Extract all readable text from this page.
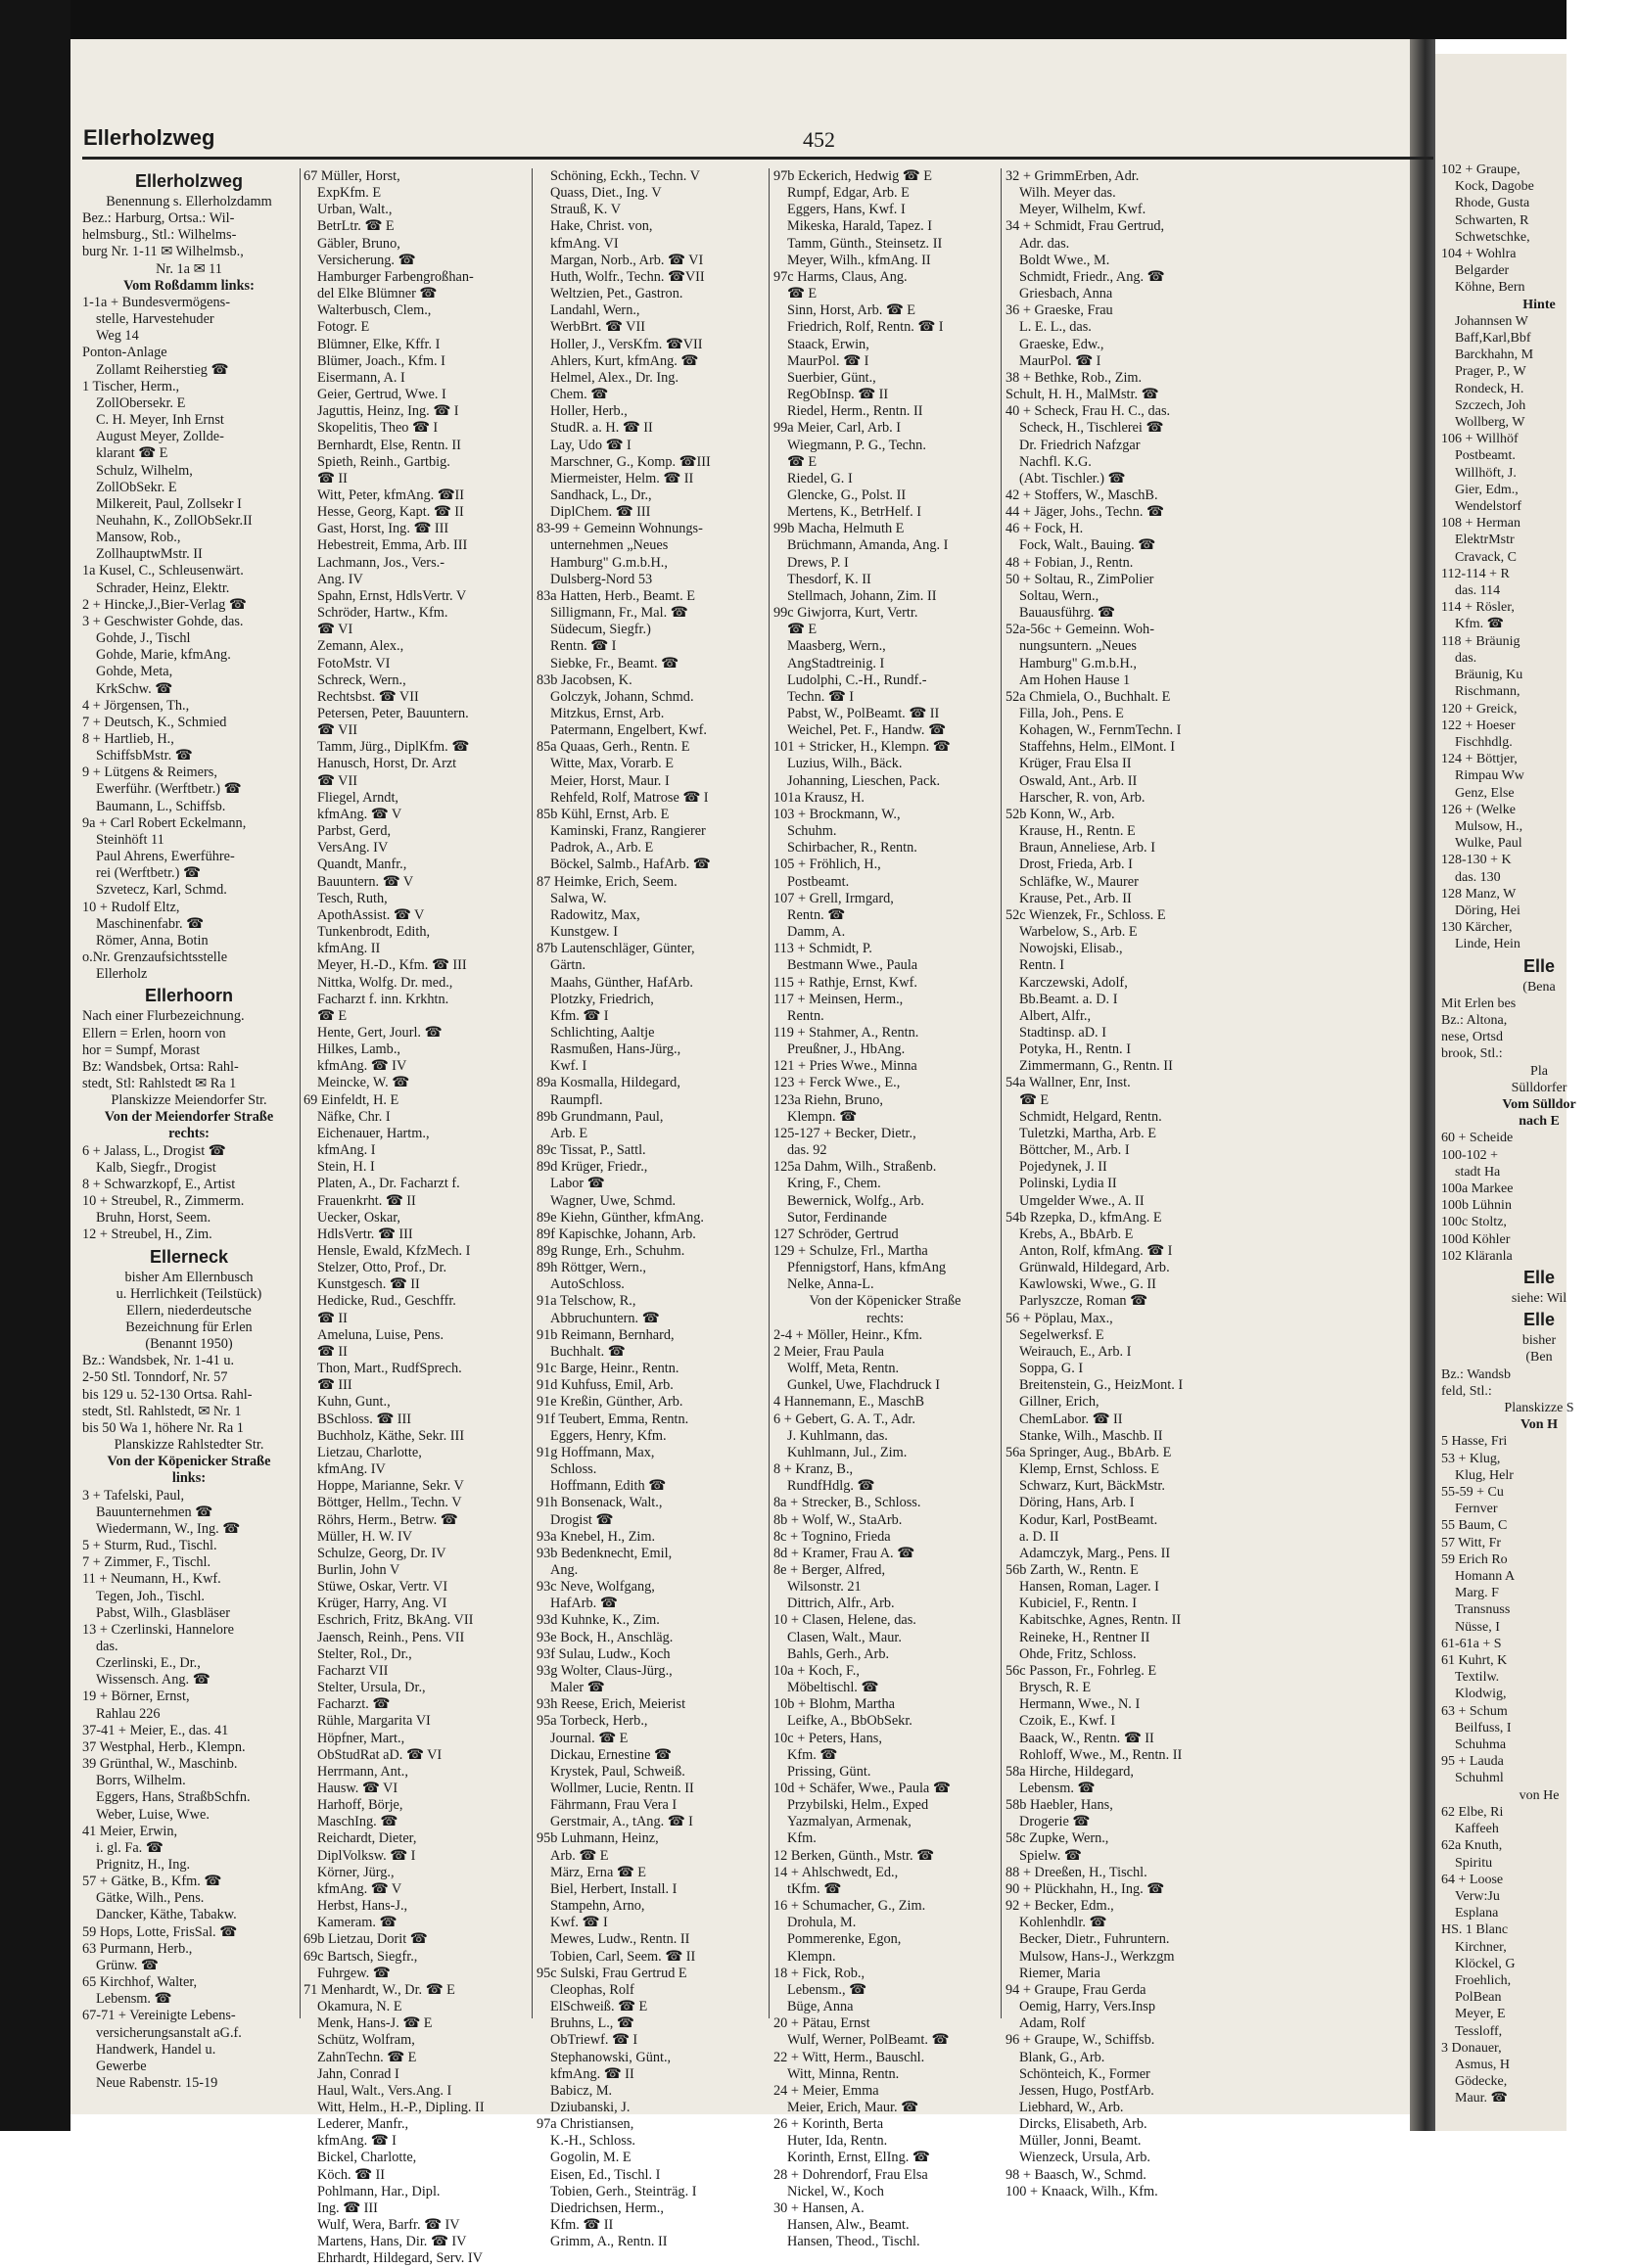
Ellerholzweg	452
Ellerholzweg
Benennung s. Ellerholzdamm
Bez.: Harburg, Ortsa.: Wil-
helmsburg., Stl.: Wilhelms-
burg Nr. 1-11 ✉ Wilhelmsb.,
Nr. 1a ✉ 11
Vom Roßdamm links:
1-1a + Bundesvermögens-
stelle, Harvestehuder
Weg 14
Ponton-Anlage
Zollamt Reiherstieg ☎
1 Tischer, Herm.,
ZollObersekr. E
C. H. Meyer, Inh Ernst
August Meyer, Zollde-
klarant ☎ E
Schulz, Wilhelm,
ZollObSekr. E
Milkereit, Paul, Zollsekr I
Neuhahn, K., ZollObSekr.II
Mansow, Rob.,
ZollhauptwMstr. II
1a Kusel, C., Schleusenwärt.
Schrader, Heinz, Elektr.
2 + Hincke,J.,Bier-Verlag ☎
3 + Geschwister Gohde, das.
Gohde, J., Tischl
Gohde, Marie, kfmAng.
Gohde, Meta,
KrkSchw. ☎
4 + Jörgensen, Th.,
7 + Deutsch, K., Schmied
8 + Hartlieb, H.,
SchiffsbMstr. ☎
9 + Lütgens & Reimers,
Ewerführ. (Werftbetr.) ☎
Baumann, L., Schiffsb.
9a + Carl Robert Eckelmann,
Steinhöft 11
Paul Ahrens, Ewerführe-
rei (Werftbetr.) ☎
Szvetecz, Karl, Schmd.
10 + Rudolf Eltz,
Maschinenfabr. ☎
Römer, Anna, Botin
o.Nr. Grenzaufsichtsstelle
Ellerholz
Ellerhoorn
Nach einer Flurbezeichnung.
Ellern = Erlen, hoorn von
hor = Sumpf, Morast
Bz: Wandsbek, Ortsa: Rahl-
stedt, Stl: Rahlstedt ✉ Ra 1
Planskizze Meiendorfer Str.
Von der Meiendorfer Straße
rechts:
6 + Jalass, L., Drogist ☎
Kalb, Siegfr., Drogist
8 + Schwarzkopf, E., Artist
10 + Streubel, R., Zimmerm.
Bruhn, Horst, Seem.
12 + Streubel, H., Zim.
Ellerneck
bisher Am Ellernbusch
u. Herrlichkeit (Teilstück)
Ellern, niederdeutsche
Bezeichnung für Erlen
(Benannt 1950)
Bz.: Wandsbek, Nr. 1-41 u.
2-50 Stl. Tonndorf, Nr. 57
bis 129 u. 52-130 Ortsa. Rahl-
stedt, Stl. Rahlstedt, ✉ Nr. 1
bis 50 Wa 1, höhere Nr. Ra 1
Planskizze Rahlstedter Str.
Von der Köpenicker Straße
links:
3 + Tafelski, Paul,
Bauunternehmen ☎
Wiedermann, W., Ing. ☎
5 + Sturm, Rud., Tischl.
7 + Zimmer, F., Tischl.
11 + Neumann, H., Kwf.
Tegen, Joh., Tischl.
Pabst, Wilh., Glasbläser
13 + Czerlinski, Hannelore
das.
Czerlinski, E., Dr.,
Wissensch. Ang. ☎
19 + Börner, Ernst,
Rahlau 226
37-41 + Meier, E., das. 41
37 Westphal, Herb., Klempn.
39 Grünthal, W., Maschinb.
Borrs, Wilhelm.
Eggers, Hans, StraßbSchfn.
Weber, Luise, Wwe.
41 Meier, Erwin,
i. gl. Fa. ☎
Prignitz, H., Ing.
57 + Gätke, B., Kfm. ☎
Gätke, Wilh., Pens.
Dancker, Käthe, Tabakw.
59 Hops, Lotte, FrisSal. ☎
63 Purmann, Herb.,
Grünw. ☎
65 Kirchhof, Walter,
Lebensm. ☎
67-71 + Vereinigte Lebens-
versicherungsanstalt aG.f.
Handwerk, Handel u.
Gewerbe
Neue Rabenstr. 15-19
67 Müller, Horst,
ExpKfm. E
Urban, Walt.,
BetrLtr. ☎ E
Gäbler, Bruno,
Versicherung. ☎
Hamburger Farbengroßhan-
del Elke Blümner ☎
Walterbusch, Clem.,
Fotogr. E
Blümner, Elke, Kffr. I
Blümer, Joach., Kfm. I
Eisermann, A. I
Geier, Gertrud, Wwe. I
Jaguttis, Heinz, Ing. ☎ I
Skopelitis, Theo ☎ I
Bernhardt, Else, Rentn. II
Spieth, Reinh., Gartbig.
☎ II
Witt, Peter, kfmAng. ☎II
Hesse, Georg, Kapt. ☎ II
Gast, Horst, Ing. ☎ III
Hebestreit, Emma, Arb. III
Lachmann, Jos., Vers.-
Ang. IV
Spahn, Ernst, HdlsVertr. V
Schröder, Hartw., Kfm.
☎ VI
Zemann, Alex.,
FotoMstr. VI
Schreck, Wern.,
Rechtsbst. ☎ VII
Petersen, Peter, Bauuntern.
☎ VII
Tamm, Jürg., DiplKfm. ☎
Hanusch, Horst, Dr. Arzt
☎ VII
Fliegel, Arndt,
kfmAng. ☎ V
Parbst, Gerd,
VersAng. IV
Quandt, Manfr.,
Bauuntern. ☎ V
Tesch, Ruth,
ApothAssist. ☎ V
Tunkenbrodt, Edith,
kfmAng. II
Meyer, H.-D., Kfm. ☎ III
Nittka, Wolfg. Dr. med.,
Facharzt f. inn. Krkhtn.
☎ E
Hente, Gert, Jourl. ☎
Hilkes, Lamb.,
kfmAng. ☎ IV
Meincke, W. ☎
69 Einfeldt, H. E
Näfke, Chr. I
Eichenauer, Hartm.,
kfmAng. I
Stein, H. I
Platen, A., Dr. Facharzt f.
Frauenkrht. ☎ II
Uecker, Oskar,
HdlsVertr. ☎ III
Hensle, Ewald, KfzMech. I
Stelzer, Otto, Prof., Dr.
Kunstgesch. ☎ II
Hedicke, Rud., Geschffr.
☎ II
Ameluna, Luise, Pens.
☎ II
Thon, Mart., RudfSprech.
☎ III
Kuhn, Gunt.,
BSchloss. ☎ III
Buchholz, Käthe, Sekr. III
Lietzau, Charlotte,
kfmAng. IV
Hoppe, Marianne, Sekr. V
Böttger, Hellm., Techn. V
Röhrs, Herm., Betrw. ☎
Müller, H. W. IV
Schulze, Georg, Dr. IV
Burlin, John V
Stüwe, Oskar, Vertr. VI
Krüger, Harry, Ang. VI
Eschrich, Fritz, BkAng. VII
Jaensch, Reinh., Pens. VII
Stelter, Rol., Dr.,
Facharzt VII
Stelter, Ursula, Dr.,
Facharzt. ☎
Rühle, Margarita VI
Höpfner, Mart.,
ObStudRat aD. ☎ VI
Herrmann, Ant.,
Hausw. ☎ VI
Harhoff, Börje,
MaschIng. ☎
Reichardt, Dieter,
DiplVolksw. ☎ I
Körner, Jürg.,
kfmAng. ☎ V
Herbst, Hans-J.,
Kameram. ☎
69b Lietzau, Dorit ☎
69c Bartsch, Siegfr.,
Fuhrgew. ☎
71 Menhardt, W., Dr. ☎ E
Okamura, N. E
Menk, Hans-J. ☎ E
Schütz, Wolfram,
ZahnTechn. ☎ E
Jahn, Conrad I
Haul, Walt., Vers.Ang. I
Witt, Helm., H.-P., Dipling. II
Lederer, Manfr.,
kfmAng. ☎ I
Bickel, Charlotte,
Köch. ☎ II
Pohlmann, Har., Dipl.
Ing. ☎ III
Wulf, Wera, Barfr. ☎ IV
Martens, Hans, Dir. ☎ IV
Ehrhardt, Hildegard, Serv. IV
Schöning, Eckh., Techn. V
Quass, Diet., Ing. V
Strauß, K. V
Hake, Christ. von,
kfmAng. VI
Margan, Norb., Arb. ☎ VI
Huth, Wolfr., Techn. ☎VII
Weltzien, Pet., Gastron.
Landahl, Wern.,
WerbBrt. ☎ VII
Holler, J., VersKfm. ☎VII
Ahlers, Kurt, kfmAng. ☎
Helmel, Alex., Dr. Ing.
Chem. ☎
Holler, Herb.,
StudR. a. H. ☎ II
Lay, Udo ☎ I
Marschner, G., Komp. ☎III
Miermeister, Helm. ☎ II
Sandhack, L., Dr.,
DiplChem. ☎ III
83-99 + Gemeinn Wohnungs-
unternehmen „Neues
Hamburg" G.m.b.H.,
Dulsberg-Nord 53
83a Hatten, Herb., Beamt. E
Silligmann, Fr., Mal. ☎
Südecum, Siegfr.)
Rentn. ☎ I
Siebke, Fr., Beamt. ☎
83b Jacobsen, K.
Golczyk, Johann, Schmd.
Mitzkus, Ernst, Arb.
Patermann, Engelbert, Kwf.
85a Quaas, Gerh., Rentn. E
Witte, Max, Vorarb. E
Meier, Horst, Maur. I
Rehfeld, Rolf, Matrose ☎ I
85b Kühl, Ernst, Arb. E
Kaminski, Franz, Rangierer
Padrok, A., Arb. E
Böckel, Salmb., HafArb. ☎
87 Heimke, Erich, Seem.
Salwa, W.
Radowitz, Max,
Kunstgew. I
87b Lautenschläger, Günter,
Gärtn.
Maahs, Günther, HafArb.
Plotzky, Friedrich,
Kfm. ☎ I
Schlichting, Aaltje
Rasmußen, Hans-Jürg.,
Kwf. I
89a Kosmalla, Hildegard,
Raumpfl.
89b Grundmann, Paul,
Arb. E
89c Tissat, P., Sattl.
89d Krüger, Friedr.,
Labor ☎
Wagner, Uwe, Schmd.
89e Kiehn, Günther, kfmAng.
89f Kapischke, Johann, Arb.
89g Runge, Erh., Schuhm.
89h Röttger, Wern.,
AutoSchloss.
91a Telschow, R.,
Abbruchuntern. ☎
91b Reimann, Bernhard,
Buchhalt. ☎
91c Barge, Heinr., Rentn.
91d Kuhfuss, Emil, Arb.
91e Kreßin, Günther, Arb.
91f Teubert, Emma, Rentn.
Eggers, Henry, Kfm.
91g Hoffmann, Max,
Schloss.
Hoffmann, Edith ☎
91h Bonsenack, Walt.,
Drogist ☎
93a Knebel, H., Zim.
93b Bedenknecht, Emil,
Ang.
93c Neve, Wolfgang,
HafArb. ☎
93d Kuhnke, K., Zim.
93e Bock, H., Anschläg.
93f Sulau, Ludw., Koch
93g Wolter, Claus-Jürg.,
Maler ☎
93h Reese, Erich, Meierist
95a Torbeck, Herb.,
Journal. ☎ E
Dickau, Ernestine ☎
Krystek, Paul, Schweiß.
Wollmer, Lucie, Rentn. II
Fährmann, Frau Vera I
Gerstmair, A., tAng. ☎ I
95b Luhmann, Heinz,
Arb. ☎ E
März, Erna ☎ E
Biel, Herbert, Install. I
Stampehn, Arno,
Kwf. ☎ I
Mewes, Ludw., Rentn. II
Tobien, Carl, Seem. ☎ II
95c Sulski, Frau Gertrud E
Cleophas, Rolf
ElSchweiß. ☎ E
Bruhns, L., ☎
ObTriewf. ☎ I
Stephanowski, Günt.,
kfmAng. ☎ II
Babicz, M.
Dziubanski, J.
97a Christiansen,
K.-H., Schloss.
Gogolin, M. E
Eisen, Ed., Tischl. I
Tobien, Gerh., Steinträg. I
Diedrichsen, Herm.,
Kfm. ☎ II
Grimm, A., Rentn. II
97b Eckerich, Hedwig ☎ E
Rumpf, Edgar, Arb. E
Eggers, Hans, Kwf. I
Mikeska, Harald, Tapez. I
Tamm, Günth., Steinsetz. II
Meyer, Wilh., kfmAng. II
97c Harms, Claus, Ang.
☎ E
Sinn, Horst, Arb. ☎ E
Friedrich, Rolf, Rentn. ☎ I
Staack, Erwin,
MaurPol. ☎ I
Suerbier, Günt.,
RegObInsp. ☎ II
Riedel, Herm., Rentn. II
99a Meier, Carl, Arb. I
Wiegmann, P. G., Techn.
☎ E
Riedel, G. I
Glencke, G., Polst. II
Mertens, K., BetrHelf. I
99b Macha, Helmuth E
Brüchmann, Amanda, Ang. I
Drews, P. I
Thesdorf, K. II
Stellmach, Johann, Zim. II
99c Giwjorra, Kurt, Vertr.
☎ E
Maasberg, Wern.,
AngStadtreinig. I
Ludolphi, C.-H., Rundf.-
Techn. ☎ I
Pabst, W., PolBeamt. ☎ II
Weichel, Pet. F., Handw. ☎
101 + Stricker, H., Klempn. ☎
Luzius, Wilh., Bäck.
Johanning, Lieschen, Pack.
101a Krausz, H.
103 + Brockmann, W.,
Schuhm.
Schirbacher, R., Rentn.
105 + Fröhlich, H.,
Postbeamt.
107 + Grell, Irmgard,
Rentn. ☎
Damm, A.
113 + Schmidt, P.
Bestmann Wwe., Paula
115 + Rathje, Ernst, Kwf.
117 + Meinsen, Herm.,
Rentn.
119 + Stahmer, A., Rentn.
Preußner, J., HbAng.
121 + Pries Wwe., Minna
123 + Ferck Wwe., E.,
123a Riehn, Bruno,
Klempn. ☎
125-127 + Becker, Dietr.,
das. 92
125a Dahm, Wilh., Straßenb.
Kring, F., Chem.
Bewernick, Wolfg., Arb.
Sutor, Ferdinande
127 Schröder, Gertrud
129 + Schulze, Frl., Martha
Pfennigstorf, Hans, kfmAng
Nelke, Anna-L.
Von der Köpenicker Straße
rechts:
2-4 + Möller, Heinr., Kfm.
2 Meier, Frau Paula
Wolff, Meta, Rentn.
Gunkel, Uwe, Flachdruck I
4 Hannemann, E., MaschB
6 + Gebert, G. A. T., Adr.
J. Kuhlmann, das.
Kuhlmann, Jul., Zim.
8 + Kranz, B.,
RundfHdlg. ☎
8a + Strecker, B., Schloss.
8b + Wolf, W., StaArb.
8c + Tognino, Frieda
8d + Kramer, Frau A. ☎
8e + Berger, Alfred,
Wilsonstr. 21
Dittrich, Alfr., Arb.
10 + Clasen, Helene, das.
Clasen, Walt., Maur.
Bahls, Gerh., Arb.
10a + Koch, F.,
Möbeltischl. ☎
10b + Blohm, Martha
Leifke, A., BbObSekr.
10c + Peters, Hans,
Kfm. ☎
Prissing, Günt.
10d + Schäfer, Wwe., Paula ☎
Przybilski, Helm., Exped
Yazmalyan, Armenak,
Kfm.
12 Berken, Günth., Mstr. ☎
14 + Ahlschwedt, Ed.,
tKfm. ☎
16 + Schumacher, G., Zim.
Drohula, M.
Pommerenke, Egon,
Klempn.
18 + Fick, Rob.,
Lebensm., ☎
Büge, Anna
20 + Pätau, Ernst
Wulf, Werner, PolBeamt. ☎
22 + Witt, Herm., Bauschl.
Witt, Minna, Rentn.
24 + Meier, Emma
Meier, Erich, Maur. ☎
26 + Korinth, Berta
Huter, Ida, Rentn.
Korinth, Ernst, ElIng. ☎
28 + Dohrendorf, Frau Elsa
Nickel, W., Koch
30 + Hansen, A.
Hansen, Alw., Beamt.
Hansen, Theod., Tischl.
32 + GrimmErben, Adr.
Wilh. Meyer das.
Meyer, Wilhelm, Kwf.
34 + Schmidt, Frau Gertrud,
Adr. das.
Boldt Wwe., M.
Schmidt, Friedr., Ang. ☎
Griesbach, Anna
36 + Graeske, Frau
L. E. L., das.
Graeske, Edw.,
MaurPol. ☎ I
38 + Bethke, Rob., Zim.
Schult, H. H., MalMstr. ☎
40 + Scheck, Frau H. C., das.
Scheck, H., Tischlerei ☎
Dr. Friedrich Nafzgar
Nachfl. K.G.
(Abt. Tischler.) ☎
42 + Stoffers, W., MaschB.
44 + Jäger, Johs., Techn. ☎
46 + Fock, H.
Fock, Walt., Bauing. ☎
48 + Fobian, J., Rentn.
50 + Soltau, R., ZimPolier
Soltau, Wern.,
Bauausführg. ☎
52a-56c + Gemeinn. Woh-
nungsuntern. „Neues
Hamburg" G.m.b.H.,
Am Hohen Hause 1
52a Chmiela, O., Buchhalt. E
Filla, Joh., Pens. E
Kohagen, W., FernmTechn. I
Staffehns, Helm., ElMont. I
Krüger, Frau Elsa II
Oswald, Ant., Arb. II
Harscher, R. von, Arb.
52b Konn, W., Arb.
Krause, H., Rentn. E
Braun, Anneliese, Arb. I
Drost, Frieda, Arb. I
Schläfke, W., Maurer
Krause, Pet., Arb. II
52c Wienzek, Fr., Schloss. E
Warbelow, S., Arb. E
Nowojski, Elisab.,
Rentn. I
Karczewski, Adolf,
Bb.Beamt. a. D. I
Albert, Alfr.,
Stadtinsp. aD. I
Potyka, H., Rentn. I
Zimmermann, G., Rentn. II
54a Wallner, Enr, Inst.
☎ E
Schmidt, Helgard, Rentn.
Tuletzki, Martha, Arb. E
Böttcher, M., Arb. I
Pojedynek, J. II
Polinski, Lydia II
Umgelder Wwe., A. II
54b Rzepka, D., kfmAng. E
Krebs, A., BbArb. E
Anton, Rolf, kfmAng. ☎ I
Grünwald, Hildegard, Arb.
Kawlowski, Wwe., G. II
Parlyszcze, Roman ☎
56 + Pöplau, Max.,
Segelwerksf. E
Weirauch, E., Arb. I
Soppa, G. I
Breitenstein, G., HeizMont. I
Gillner, Erich,
ChemLabor. ☎ II
Stanke, Wilh., Maschb. II
56a Springer, Aug., BbArb. E
Klemp, Ernst, Schloss. E
Schwarz, Kurt, BäckMstr.
Döring, Hans, Arb. I
Kodur, Karl, PostBeamt.
a. D. II
Adamczyk, Marg., Pens. II
56b Zarth, W., Rentn. E
Hansen, Roman, Lager. I
Kubiciel, F., Rentn. I
Kabitschke, Agnes, Rentn. II
Reineke, H., Rentner II
Ohde, Fritz, Schloss.
56c Passon, Fr., Fohrleg. E
Brysch, R. E
Hermann, Wwe., N. I
Czoik, E., Kwf. I
Baack, W., Rentn. ☎ II
Rohloff, Wwe., M., Rentn. II
58a Hirche, Hildegard,
Lebensm. ☎
58b Haebler, Hans,
Drogerie ☎
58c Zupke, Wern.,
Spielw. ☎
88 + Dreeßen, H., Tischl.
90 + Plückhahn, H., Ing. ☎
92 + Becker, Edm.,
Kohlenhdlr. ☎
Becker, Dietr., Fuhruntern.
Mulsow, Hans-J., Werkzgm
Riemer, Maria
94 + Graupe, Frau Gerda
Oemig, Harry, Vers.Insp
Adam, Rolf
96 + Graupe, W., Schiffsb.
Blank, G., Arb.
Schönteich, K., Former
Jessen, Hugo, PostfArb.
Liebhard, W., Arb.
Dircks, Elisabeth, Arb.
Müller, Jonni, Beamt.
Wienzeck, Ursula, Arb.
98 + Baasch, W., Schmd.
100 + Knaack, Wilh., Kfm.
102 + Graupe,
Kock, Dagobe
Rhode, Gusta
Schwarten, R
Schwetschke,
104 + Wohlra
Belgarder
Köhne, Bern
Hinte
Johannsen W
Baff,Karl,Bbf
Barckhahn, M
Prager, P., W
Rondeck, H.
Szczech, Joh
Wollberg, W
106 + Willhöf
Postbeamt.
Willhöft, J.
Gier, Edm.,
Wendelstorf
108 + Herman
ElektrMstr
Cravack, C
112-114 + R
das. 114
114 + Rösler,
Kfm. ☎
118 + Bräunig
das.
Bräunig, Ku
Rischmann,
120 + Greick,
122 + Hoeser
Fischhdlg.
124 + Böttjer,
Rimpau Ww
Genz, Else
126 + (Welke
Mulsow, H.,
Wulke, Paul
128-130 + K
das. 130
128 Manz, W
Döring, Hei
130 Kärcher,
Linde, Hein
Elle
(Bena
Mit Erlen bes
Bz.: Altona,
nese, Ortsd
brook, Stl.:
Pla
Sülldorfer
Vom Sülldor
nach E
60 + Scheide
100-102 +
stadt Ha
100a Markee
100b Lühnin
100c Stoltz,
100d Köhler
102 Kläranla
Elle
siehe: Wil
Elle
bisher
(Ben
Bz.: Wandsb
feld, Stl.:
Planskizze S
Von H
5 Hasse, Fri
53 + Klug,
Klug, Helr
55-59 + Cu
Fernver
55 Baum, C
57 Witt, Fr
59 Erich Ro
Homann A
Marg. F
Transnuss
Nüsse, I
61-61a + S
61 Kuhrt, K
Textilw.
Klodwig,
63 + Schum
Beilfuss, I
Schuhma
95 + Lauda
Schuhml
von He
62 Elbe, Ri
Kaffeeh
62a Knuth,
Spiritu
64 + Loose
Verw:Ju
Esplana
HS. 1 Blanc
Kirchner,
Klöckel, G
Froehlich,
PolBean
Meyer, E
Tessloff,
3 Donauer,
Asmus, H
Gödecke,
Maur. ☎
